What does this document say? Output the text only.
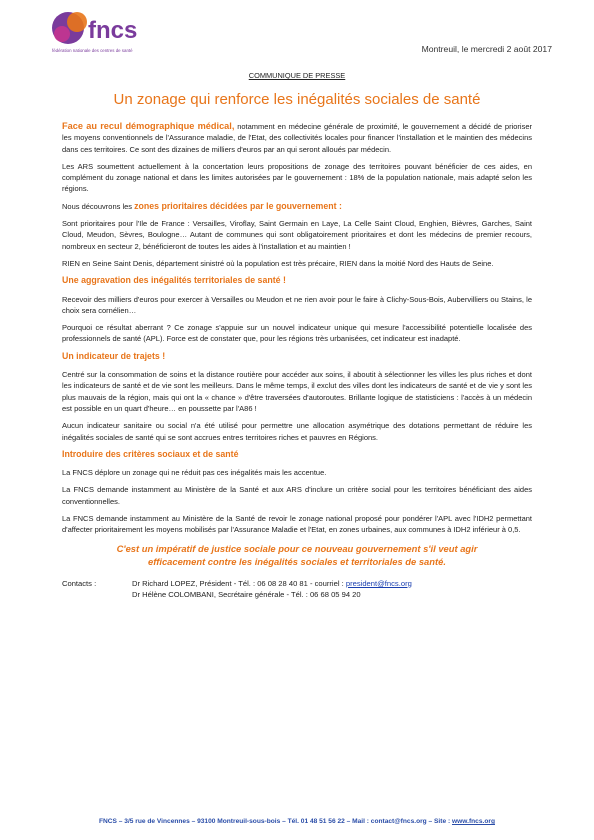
fncs
fédération nationale des centres de santé	Montreuil, le mercredi 2 août 2017
COMMUNIQUE DE PRESSE
Un zonage qui renforce les inégalités sociales de santé

Face au recul démographique médical, notamment en médecine générale de proximité, le gouvernement a décidé de prioriser les moyens conventionnels de l'Assurance maladie, de l'Etat, des collectivités locales pour financer l'installation et le maintien des médecins dans ces territoires. Ce sont des dizaines de milliers d'euros par an qui seront alloués par médecin.

Les ARS soumettent actuellement à la concertation leurs propositions de zonage des territoires pouvant bénéficier de ces aides, en complément du zonage national et dans les limites autorisées par le gouvernement : 18% de la population nationale, mais adapté selon les régions.

Nous découvrons les zones prioritaires décidées par le gouvernement :

Sont prioritaires pour l'Ile de France : Versailles, Viroflay, Saint Germain en Laye, La Celle Saint Cloud, Enghien, Bièvres, Garches, Saint Cloud, Meudon, Sèvres, Boulogne… Autant de communes qui sont obligatoirement prioritaires et dont les médecins de premier recours, nombreux en secteur 2, bénéficieront de toutes les aides à l'installation et au maintien !

RIEN en Seine Saint Denis, département sinistré où la population est très précaire, RIEN dans la moitié Nord des Hauts de Seine.

Une aggravation des inégalités territoriales de santé !

Recevoir des milliers d'euros pour exercer à Versailles ou Meudon et ne rien avoir pour le faire à Clichy-Sous-Bois, Aubervilliers ou Stains, le choix sera cornélien…

Pourquoi ce résultat aberrant ? Ce zonage s'appuie sur un nouvel indicateur unique qui mesure l'accessibilité potentielle localisée des professionnels de santé (APL). Force est de constater que, pour les régions très urbanisées, cet indicateur est inadapté.

Un indicateur de trajets !

Centré sur la consommation de soins et la distance routière pour accéder aux soins, il aboutit à sélectionner les villes les plus riches et dont les indicateurs de santé et de vie sont les meilleurs. Dans le même temps, il exclut des villes dont les indicateurs de santé et de vie y sont les plus mauvais de la région, mais qui ont la « chance » d'être traversées d'autoroutes. Brillante logique de statisticiens : l'accès à un médecin est possible en un quart d'heure… en poussette par l'A86 !

Aucun indicateur sanitaire ou social n'a été utilisé pour permettre une allocation asymétrique des dotations permettant de réduire les inégalités sociales de santé qui se sont accrues entres territoires riches et pauvres en Régions.

Introduire des critères sociaux et de santé

La FNCS déplore un zonage qui ne réduit pas ces inégalités mais les accentue.

La FNCS demande instamment au Ministère de la Santé et aux ARS d'inclure un critère social pour les territoires bénéficiant des aides conventionnelles.

La FNCS demande instamment au Ministère de la Santé de revoir le zonage national proposé pour pondérer l'APL avec l'IDH2 permettant d'affecter prioritairement les moyens mobilisés par l'Assurance Maladie et l'Etat, en zones urbaines, aux communes à IDH2 inférieur à 0,5.

C'est un impératif de justice sociale pour ce nouveau gouvernement s'il veut agir
efficacement contre les inégalités sociales et territoriales de santé.
Contacts :	Dr Richard LOPEZ, Président - Tél. : 06 08 28 40 81 - courriel : president@fncs.org
Dr Hélène COLOMBANI, Secrétaire générale - Tél. : 06 68 05 94 20
FNCS – 3/5 rue de Vincennes – 93100 Montreuil-sous-bois – Tél. 01 48 51 56 22 – Mail : contact@fncs.org – Site : www.fncs.org
